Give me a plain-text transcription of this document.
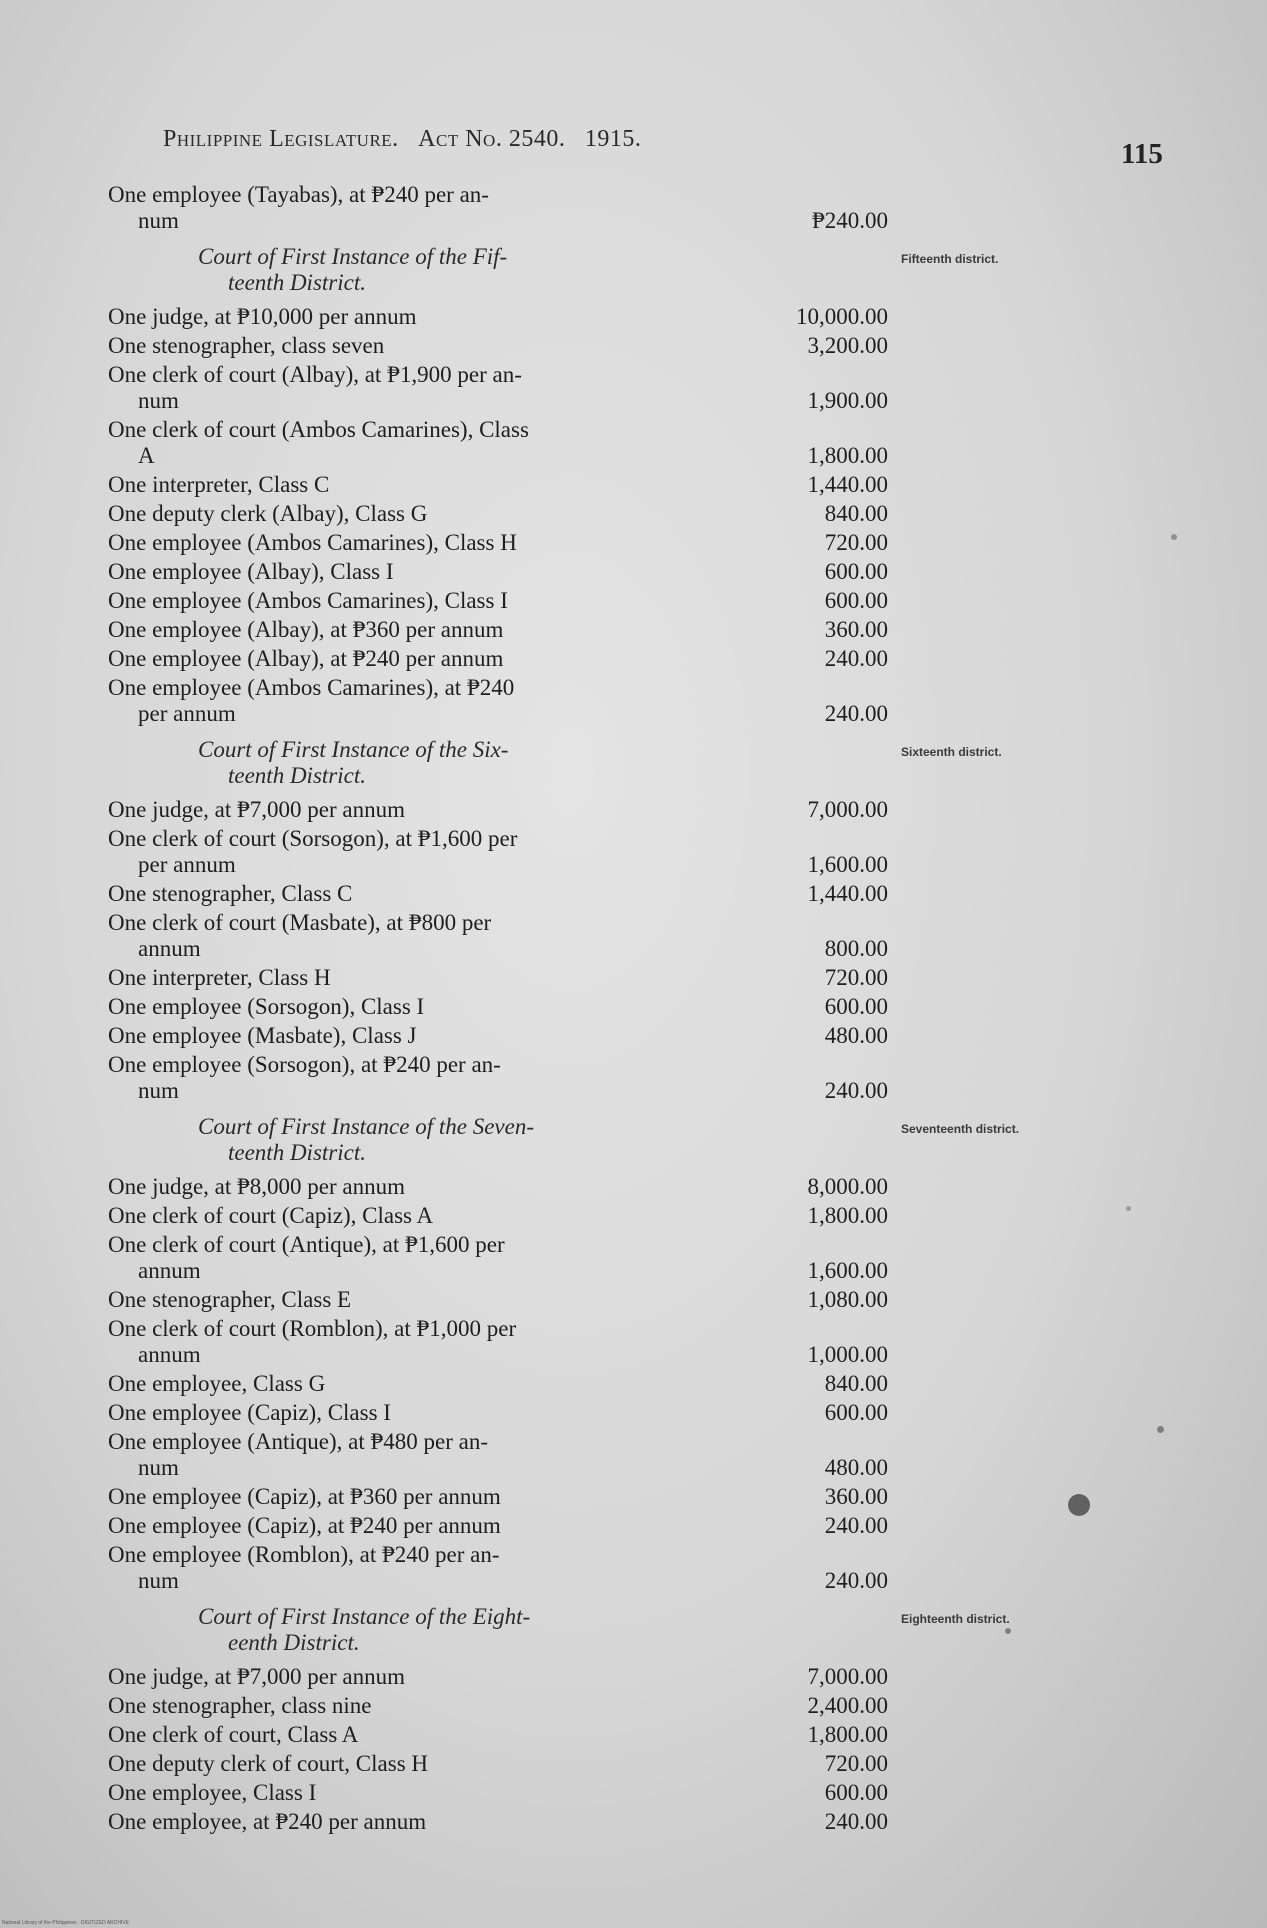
Philippine Legislature. Act No. 2540. 1915.	115
One employee (Tayabas), at ₱240 per an-
num	₱240.00
Court of First Instance of the Fif-
teenth District.
Fifteenth district.
One judge, at ₱10,000 per annum	10,000.00
One stenographer, class seven	3,200.00
One clerk of court (Albay), at ₱1,900 per an-
num	1,900.00
One clerk of court (Ambos Camarines), Class
A	1,800.00
One interpreter, Class C	1,440.00
One deputy clerk (Albay), Class G	840.00
One employee (Ambos Camarines), Class H	720.00
One employee (Albay), Class I	600.00
One employee (Ambos Camarines), Class I	600.00
One employee (Albay), at ₱360 per annum	360.00
One employee (Albay), at ₱240 per annum	240.00
One employee (Ambos Camarines), at ₱240
per annum	240.00
Court of First Instance of the Six-
teenth District.
Sixteenth district.
One judge, at ₱7,000 per annum	7,000.00
One clerk of court (Sorsogon), at ₱1,600 per
per annum	1,600.00
One stenographer, Class C	1,440.00
One clerk of court (Masbate), at ₱800 per
annum	800.00
One interpreter, Class H	720.00
One employee (Sorsogon), Class I	600.00
One employee (Masbate), Class J	480.00
One employee (Sorsogon), at ₱240 per an-
num	240.00
Court of First Instance of the Seven-
teenth District.
Seventeenth district.
One judge, at ₱8,000 per annum	8,000.00
One clerk of court (Capiz), Class A	1,800.00
One clerk of court (Antique), at ₱1,600 per
annum	1,600.00
One stenographer, Class E	1,080.00
One clerk of court (Romblon), at ₱1,000 per
annum	1,000.00
One employee, Class G	840.00
One employee (Capiz), Class I	600.00
One employee (Antique), at ₱480 per an-
num	480.00
One employee (Capiz), at ₱360 per annum	360.00
One employee (Capiz), at ₱240 per annum	240.00
One employee (Romblon), at ₱240 per an-
num	240.00
Court of First Instance of the Eight-
eenth District.
Eighteenth district.
One judge, at ₱7,000 per annum	7,000.00
One stenographer, class nine	2,400.00
One clerk of court, Class A	1,800.00
One deputy clerk of court, Class H	720.00
One employee, Class I	600.00
One employee, at ₱240 per annum	240.00
National Library of the Philippines · DIGITIZED ARCHIVE
